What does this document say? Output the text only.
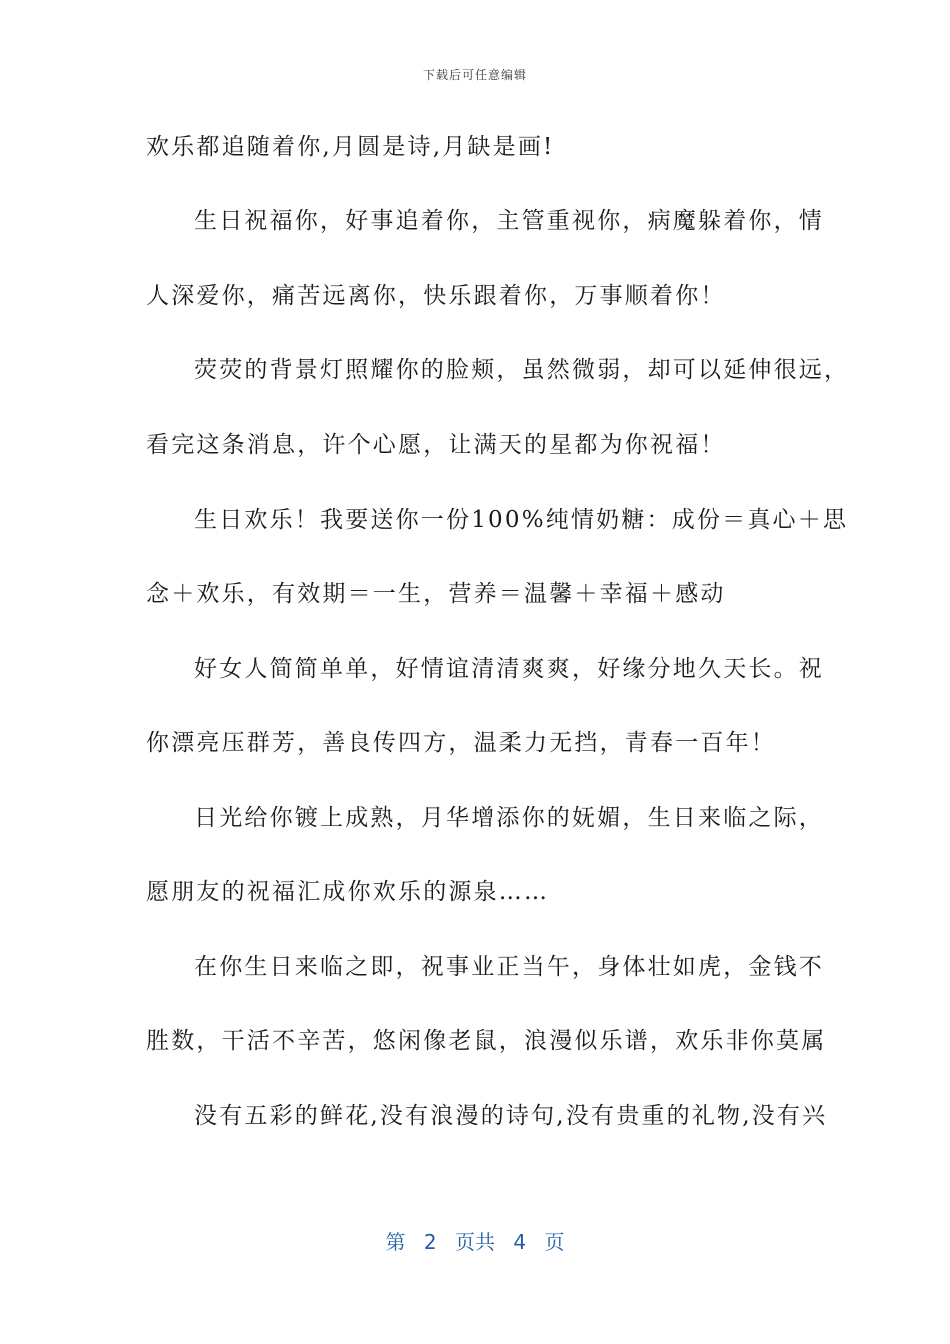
下载后可任意编辑
欢乐都追随着你,月圆是诗,月缺是画!
生日祝福你，好事追着你，主管重视你，病魔躲着你，情
人深爱你，痛苦远离你，快乐跟着你，万事顺着你！
荧荧的背景灯照耀你的脸颊，虽然微弱，却可以延伸很远，
看完这条消息，许个心愿，让满天的星都为你祝福！
生日欢乐！我要送你一份100%纯情奶糖：成份＝真心＋思
念＋欢乐，有效期＝一生，营养＝温馨＋幸福＋感动
好女人简简单单，好情谊清清爽爽，好缘分地久天长。祝
你漂亮压群芳，善良传四方，温柔力无挡，青春一百年！
日光给你镀上成熟，月华增添你的妩媚，生日来临之际，
愿朋友的祝福汇成你欢乐的源泉……
在你生日来临之即，祝事业正当午，身体壮如虎，金钱不
胜数，干活不辛苦，悠闲像老鼠，浪漫似乐谱，欢乐非你莫属
没有五彩的鲜花,没有浪漫的诗句,没有贵重的礼物,没有兴
第 2 页共 4 页
